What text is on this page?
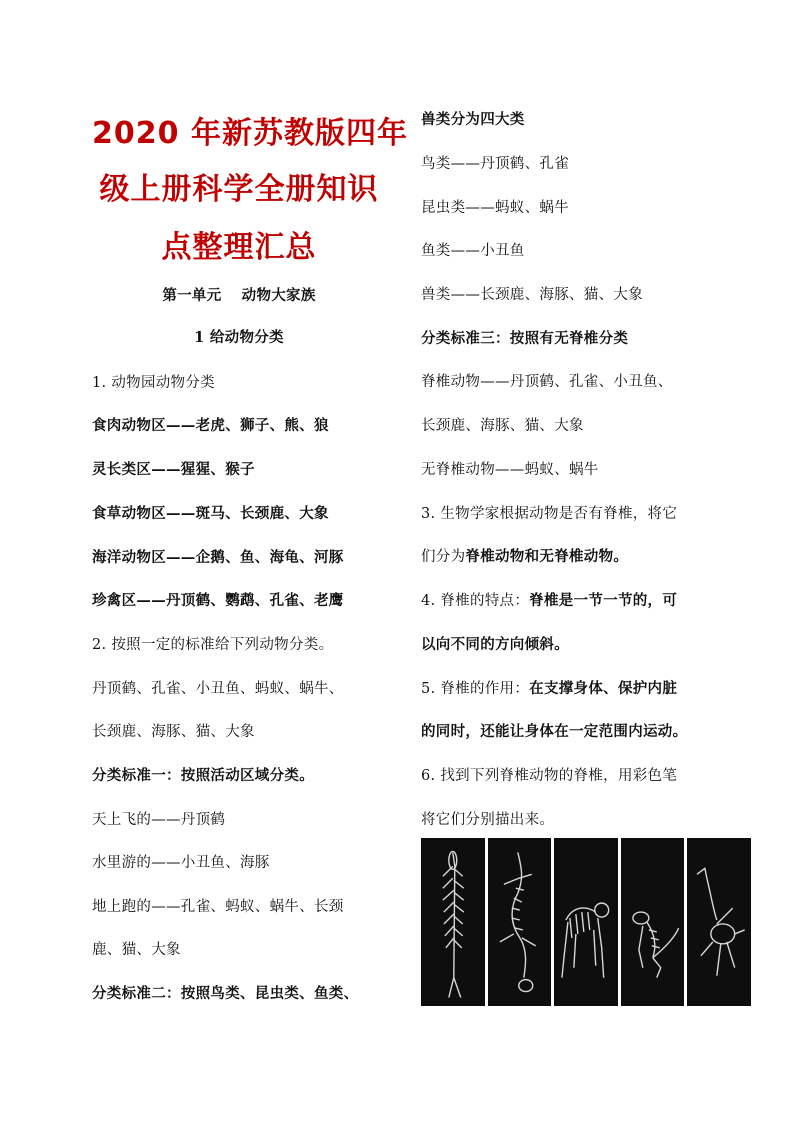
2020 年新苏教版四年
级上册科学全册知识
点整理汇总
第一单元　 动物大家族
1 给动物分类
1. 动物园动物分类
食肉动物区——老虎、狮子、熊、狼
灵长类区——猩猩、猴子
食草动物区——斑马、长颈鹿、大象
海洋动物区——企鹅、鱼、海龟、河豚
珍禽区——丹顶鹤、鹦鹉、孔雀、老鹰
2. 按照一定的标准给下列动物分类。
丹顶鹤、孔雀、小丑鱼、蚂蚁、蜗牛、
长颈鹿、海豚、猫、大象
分类标准一：按照活动区域分类。
天上飞的——丹顶鹤
水里游的——小丑鱼、海豚
地上跑的——孔雀、蚂蚁、蜗牛、长颈
鹿、猫、大象
分类标准二：按照鸟类、昆虫类、鱼类、
兽类分为四大类
鸟类——丹顶鹤、孔雀
昆虫类——蚂蚁、蜗牛
鱼类——小丑鱼
兽类——长颈鹿、海豚、猫、大象
分类标准三：按照有无脊椎分类
脊椎动物——丹顶鹤、孔雀、小丑鱼、
长颈鹿、海豚、猫、大象
无脊椎动物——蚂蚁、蜗牛
3. 生物学家根据动物是否有脊椎，将它
们分为脊椎动物和无脊椎动物。
4. 脊椎的特点：脊椎是一节一节的，可
以向不同的方向倾斜。
5. 脊椎的作用：在支撑身体、保护内脏
的同时，还能让身体在一定范围内运动。
6. 找到下列脊椎动物的脊椎，用彩色笔
将它们分别描出来。
